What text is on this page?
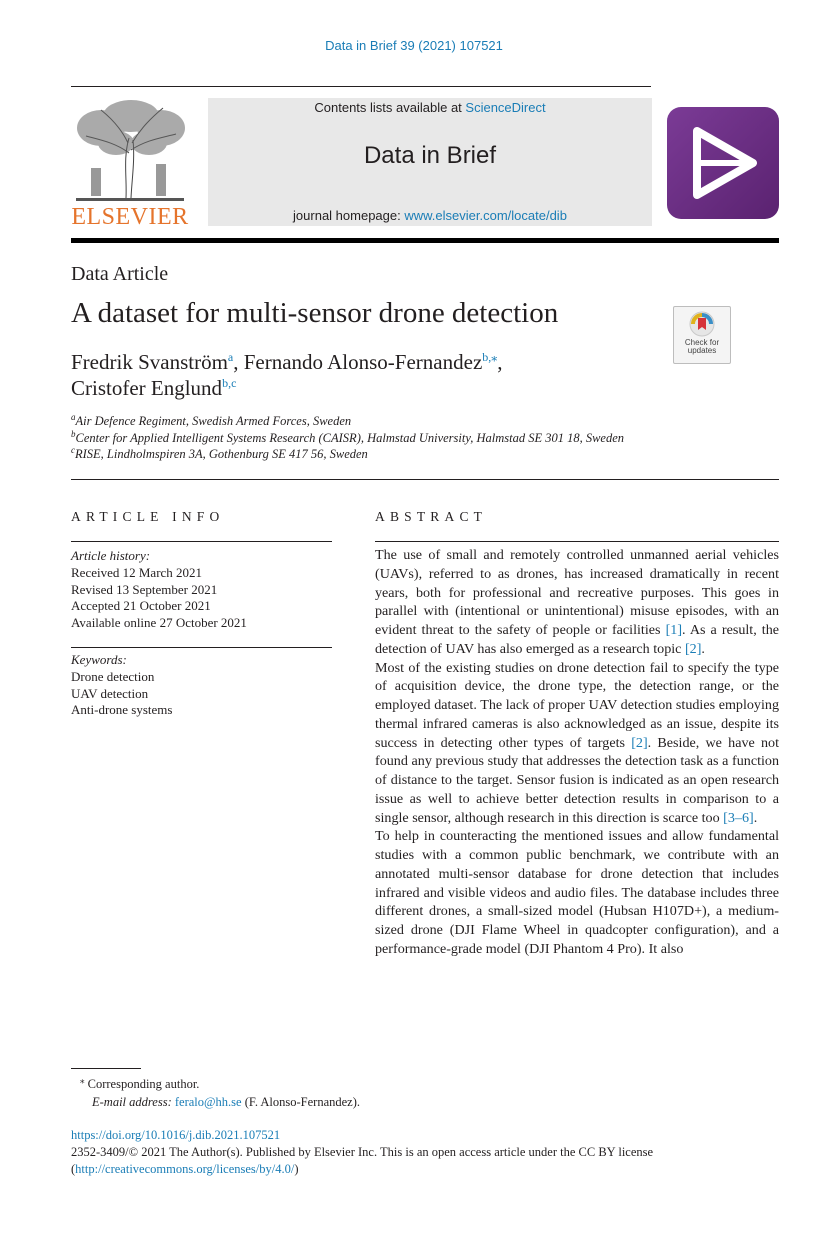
Data in Brief 39 (2021) 107521
ELSEVIER
Contents lists available at ScienceDirect
Data in Brief
journal homepage: www.elsevier.com/locate/dib
Data Article
A dataset for multi-sensor drone detection
Check for
updates
Fredrik Svanström$^a$, Fernando Alonso-Fernandez$^{b,⁎}$,
Cristofer Englund$^{b,c}$
$^a$Air Defence Regiment, Swedish Armed Forces, Sweden
$^b$Center for Applied Intelligent Systems Research (CAISR), Halmstad University, Halmstad SE 301 18, Sweden
$^c$RISE, Lindholmspiren 3A, Gothenburg SE 417 56, Sweden
ARTICLE INFO	ABSTRACT
Article history:
Received 12 March 2021
Revised 13 September 2021
Accepted 21 October 2021
Available online 27 October 2021
Keywords:
Drone detection
UAV detection
Anti-drone systems

The use of small and remotely controlled unmanned aerial vehicles (UAVs), referred to as drones, has increased dramatically in recent years, both for professional and recreative purposes. This goes in parallel with (intentional or unintentional) misuse episodes, with an evident threat to the safety of people or facilities [1]. As a result, the detection of UAV has also emerged as a research topic [2].

Most of the existing studies on drone detection fail to specify the type of acquisition device, the drone type, the detection range, or the employed dataset. The lack of proper UAV detection studies employing thermal infrared cameras is also acknowledged as an issue, despite its success in detecting other types of targets [2]. Beside, we have not found any previous study that addresses the detection task as a function of distance to the target. Sensor fusion is indicated as an open research issue as well to achieve better detection results in comparison to a single sensor, although research in this direction is scarce too [3–6].

To help in counteracting the mentioned issues and allow fundamental studies with a common public benchmark, we contribute with an annotated multi-sensor database for drone detection that includes infrared and visible videos and audio files. The database includes three different drones, a small-sized model (Hubsan H107D+), a medium-sized drone (DJI Flame Wheel in quadcopter configuration), and a performance-grade model (DJI Phantom 4 Pro). It also

⁎ Corresponding author.
E-mail address: feralo@hh.se (F. Alonso-Fernandez).
https://doi.org/10.1016/j.dib.2021.107521
2352-3409/© 2021 The Author(s). Published by Elsevier Inc. This is an open access article under the CC BY license (http://creativecommons.org/licenses/by/4.0/)
